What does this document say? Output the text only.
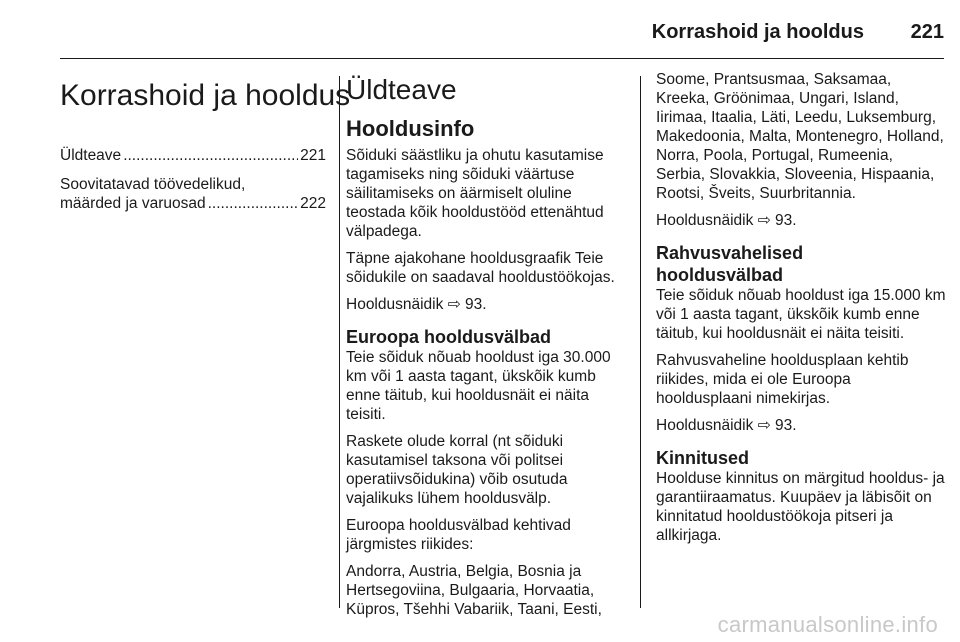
Korrashoid ja hooldus	221
Korrashoid ja hooldus
Üldteave .....	221
Soovitatavad töövedelikud,
määrded ja varuosad .....	222
Üldteave
Hooldusinfo

Sõiduki säästliku ja ohutu kasutamise tagamiseks ning sõiduki väärtuse säilitamiseks on äärmiselt oluline teostada kõik hooldustööd ettenähtud välpadega.

Täpne ajakohane hooldusgraafik Teie sõidukile on saadaval hooldustöökojas.

Hooldusnäidik ⇨ 93.

Euroopa hooldusvälbad

Teie sõiduk nõuab hooldust iga 30.000 km või 1 aasta tagant, ükskõik kumb enne täitub, kui hooldusnäit ei näita teisiti.

Raskete olude korral (nt sõiduki kasutamisel taksona või politsei operatiivsõidukina) võib osutuda vajalikuks lühem hooldusvälp.

Euroopa hooldusvälbad kehtivad järgmistes riikides:

Andorra, Austria, Belgia, Bosnia ja Hertsegoviina, Bulgaaria, Horvaatia, Küpros, Tšehhi Vabariik, Taani, Eesti,

Soome, Prantsusmaa, Saksamaa, Kreeka, Gröönimaa, Ungari, Island, Iirimaa, Itaalia, Läti, Leedu, Luksemburg, Makedoonia, Malta, Montenegro, Holland, Norra, Poola, Portugal, Rumeenia, Serbia, Slovakkia, Sloveenia, Hispaania, Rootsi, Šveits, Suurbritannia.

Hooldusnäidik ⇨ 93.

Rahvusvahelised
hooldusvälbad

Teie sõiduk nõuab hooldust iga 15.000 km või 1 aasta tagant, ükskõik kumb enne täitub, kui hooldusnäit ei näita teisiti.

Rahvusvaheline hooldusplaan kehtib riikides, mida ei ole Euroopa hooldusplaani nimekirjas.

Hooldusnäidik ⇨ 93.

Kinnitused

Hoolduse kinnitus on märgitud hooldus- ja garantiiraamatus. Kuupäev ja läbisõit on kinnitatud hooldustöökoja pitseri ja allkirjaga.

carmanualsonline.info
